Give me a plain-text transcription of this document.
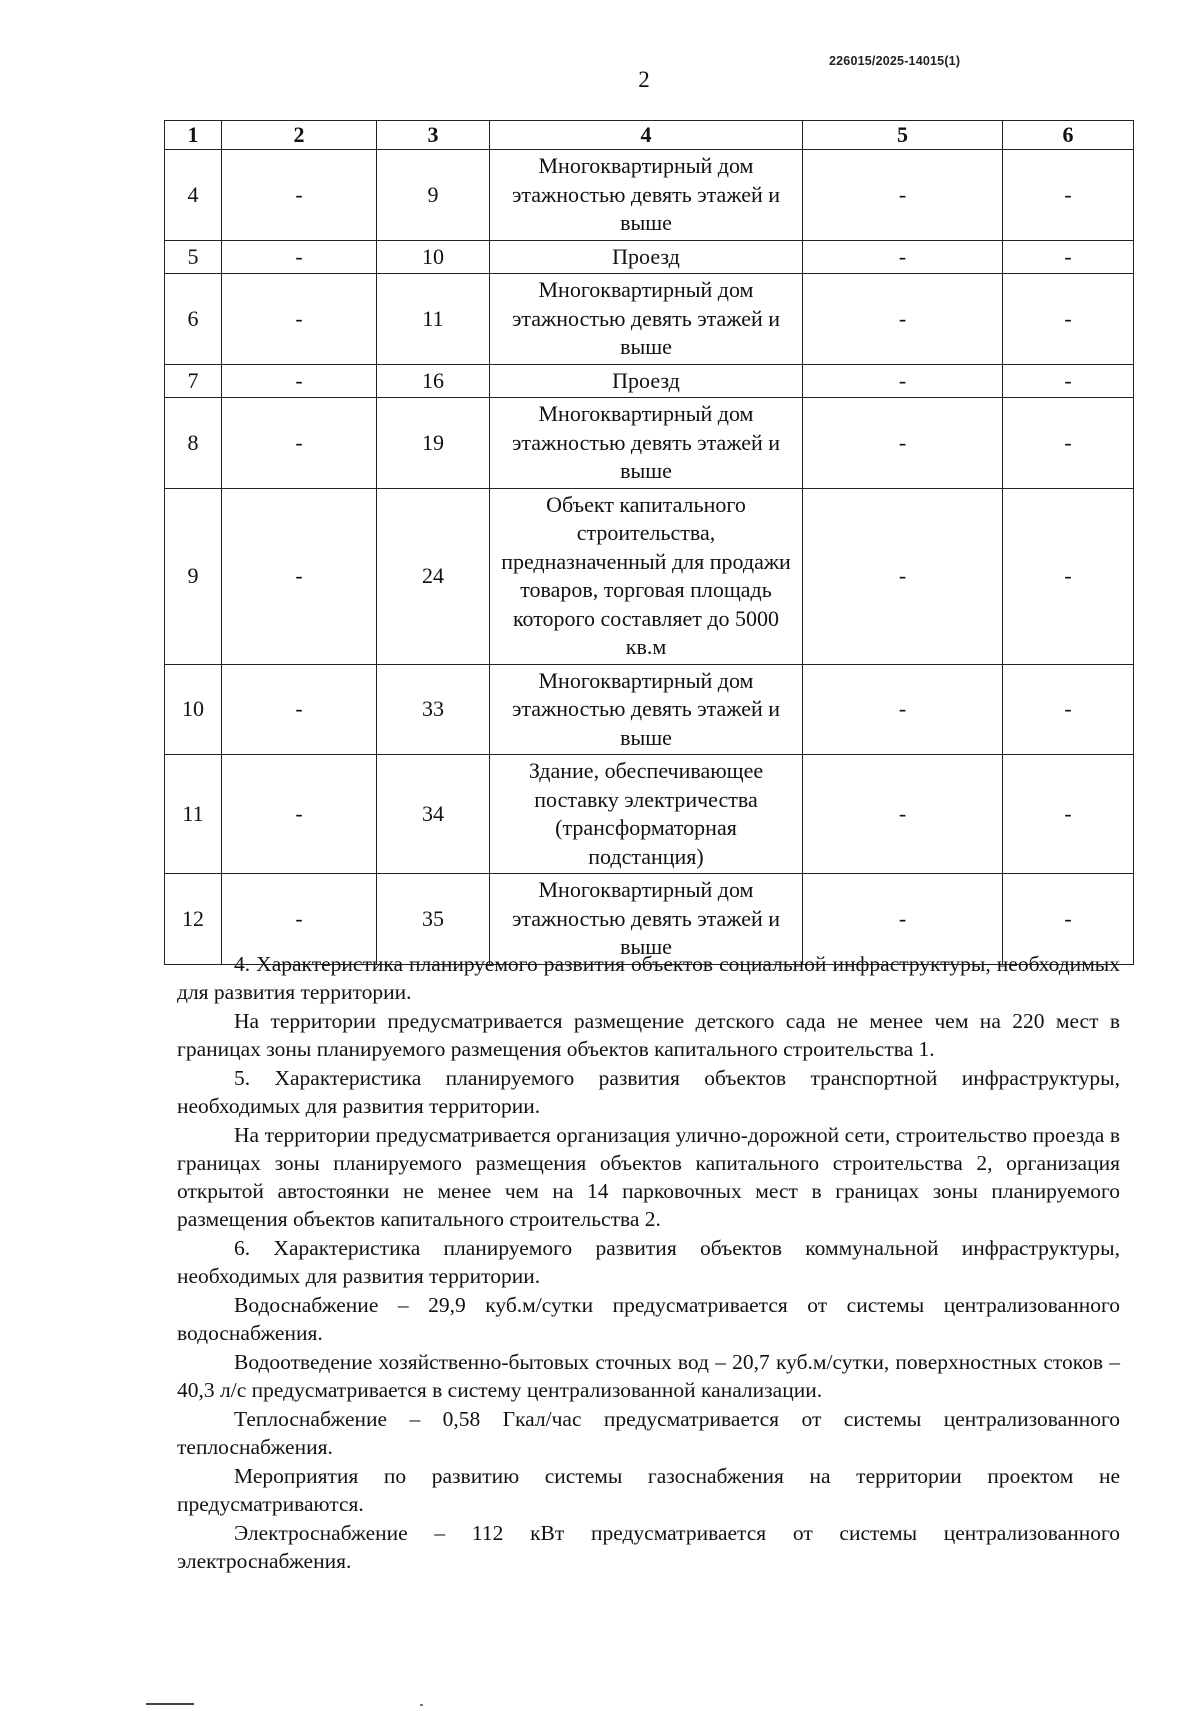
226015/2025-14015(1)
2
1	2	3	4	5	6
4	-	9	Многоквартирный дом этажностью девять этажей и выше	-	-
5	-	10	Проезд	-	-
6	-	11	Многоквартирный дом этажностью девять этажей и выше	-	-
7	-	16	Проезд	-	-
8	-	19	Многоквартирный дом этажностью девять этажей и выше	-	-
9	-	24	Объект капитального строительства, предназначенный для продажи товаров, торговая площадь которого составляет до 5000 кв.м	-	-
10	-	33	Многоквартирный дом этажностью девять этажей и выше	-	-
11	-	34	Здание, обеспечивающее поставку электричества (трансформаторная подстанция)	-	-
12	-	35	Многоквартирный дом этажностью девять этажей и выше	-	-

4. Характеристика планируемого развития объектов социальной инфраструктуры, необходимых для развития территории.

На территории предусматривается размещение детского сада не менее чем на 220 мест в границах зоны планируемого размещения объектов капитального строительства 1.

5. Характеристика планируемого развития объектов транспортной инфраструктуры, необходимых для развития территории.

На территории предусматривается организация улично-дорожной сети, строительство проезда в границах зоны планируемого размещения объектов капитального строительства 2, организация открытой автостоянки не менее чем на 14 парковочных мест в границах зоны планируемого размещения объектов капитального строительства 2.

6. Характеристика планируемого развития объектов коммунальной инфраструктуры, необходимых для развития территории.

Водоснабжение – 29,9 куб.м/сутки предусматривается от системы централизованного водоснабжения.

Водоотведение хозяйственно-бытовых сточных вод – 20,7 куб.м/сутки, поверхностных стоков – 40,3 л/с предусматривается в систему централизованной канализации.

Теплоснабжение – 0,58 Гкал/час предусматривается от системы централизованного теплоснабжения.

Мероприятия по развитию системы газоснабжения на территории проектом не предусматриваются.

Электроснабжение – 112 кВт предусматривается от системы централизованного электроснабжения.
